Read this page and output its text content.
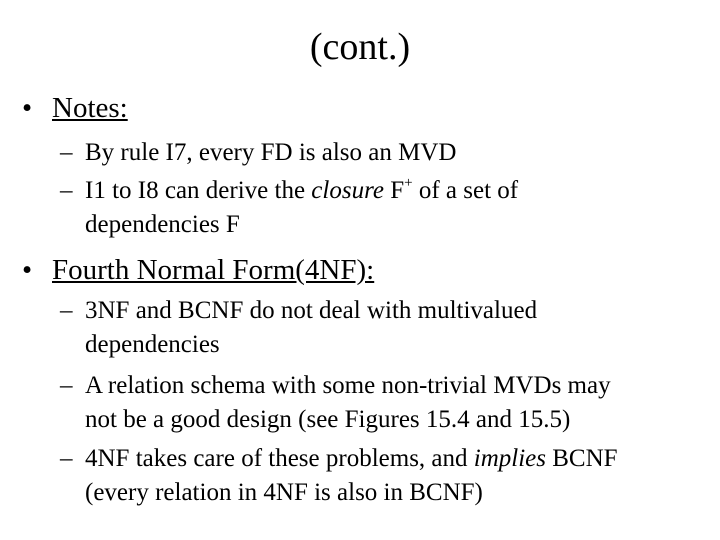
(cont.)
• Notes:
– By rule I7, every FD is also an MVD
– I1 to I8 can derive the closure F+ of a set of
dependencies F
• Fourth Normal Form(4NF):
– 3NF and BCNF do not deal with multivalued
dependencies
– A relation schema with some non-trivial MVDs may
not be a good design (see Figures 15.4 and 15.5)
– 4NF takes care of these problems, and implies BCNF
(every relation in 4NF is also in BCNF)
